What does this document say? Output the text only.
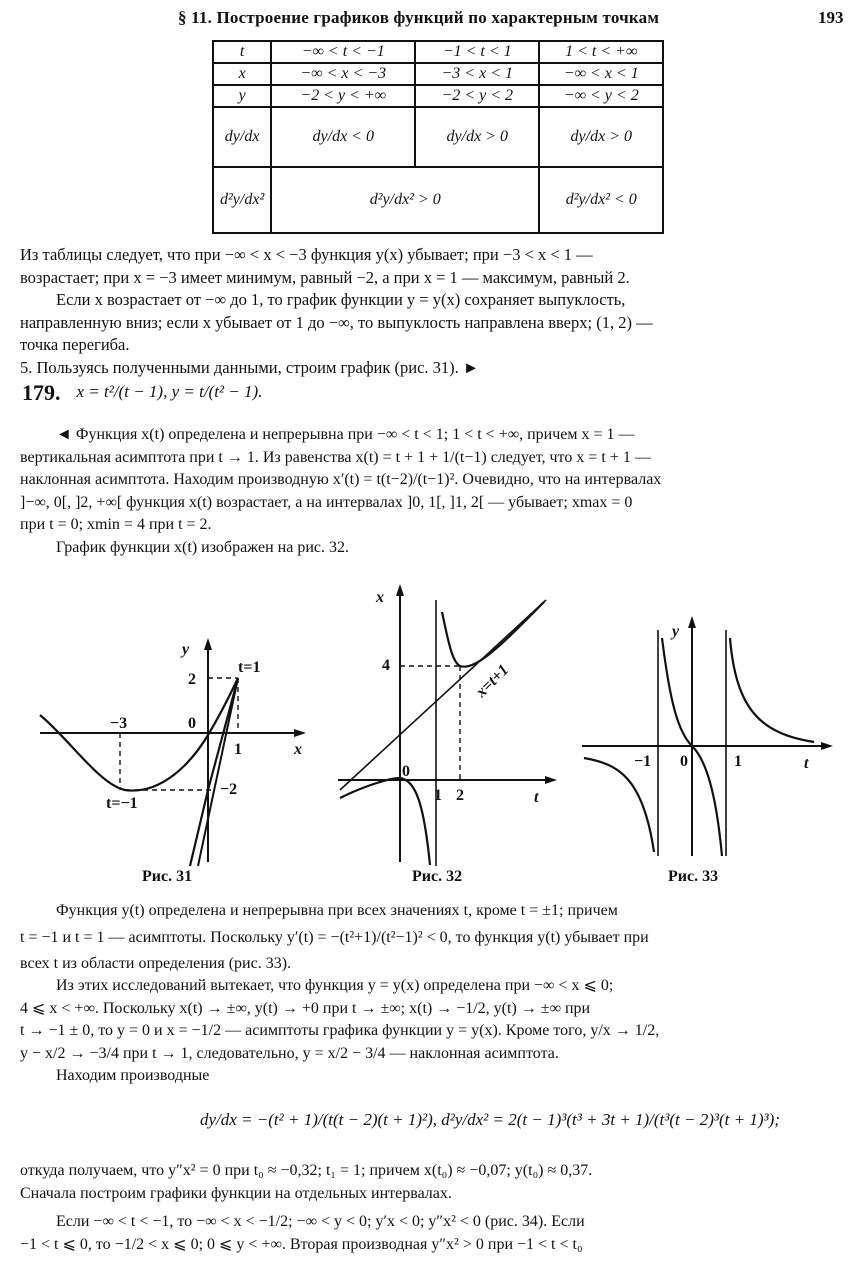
§ 11. Построение графиков функций по характерным точкам	193
t	−∞ < t < −1	−1 < t < 1	1 < t < +∞
x	−∞ < x < −3	−3 < x < 1	−∞ < x < 1
y	−2 < y < +∞	−2 < y < 2	−∞ < y < 2
dy/dx	dy/dx < 0	dy/dx > 0	dy/dx > 0
d²y/dx²	d²y/dx² > 0		d²y/dx² < 0
Из таблицы следует, что при −∞ < x < −3 функция y(x) убывает; при −3 < x < 1 —
возрастает; при x = −3 имеет минимум, равный −2, а при x = 1 — максимум, равный 2.
Если x возрастает от −∞ до 1, то график функции y = y(x) сохраняет выпуклость,
направленную вниз; если x убывает от 1 до −∞, то выпуклость направлена вверх; (1, 2) —
точка перегиба.
5. Пользуясь полученными данными, строим график (рис. 31). ►
179. x = t²/(t − 1), y = t/(t² − 1).
◄ Функция x(t) определена и непрерывна при −∞ < t < 1; 1 < t < +∞, причем x = 1 —
вертикальная асимптота при t → 1. Из равенства x(t) = t + 1 + 1/(t−1) следует, что x = t + 1 —
наклонная асимптота. Находим производную x′(t) = t(t−2)/(t−1)². Очевидно, что на интервалах
]−∞, 0[, ]2, +∞[ функция x(t) возрастает, а на интервалах ]0, 1[, ]1, 2[ — убывает; xmax = 0
при t = 0; xmin = 4 при t = 2.
График функции x(t) изображен на рис. 32.
y
x
t=1
2
−3	0
1
−2
t=−1
Рис. 31
x
t
4
0
1 2
x=t+1
Рис. 32
y
t
−1 0	1
Рис. 33
Функция y(t) определена и непрерывна при всех значениях t, кроме t = ±1; причем
t = −1 и t = 1 — асимптоты. Поскольку y′(t) = −(t²+1)/(t²−1)² < 0, то функция y(t) убывает при
всех t из области определения (рис. 33).
Из этих исследований вытекает, что функция y = y(x) определена при −∞ < x ⩽ 0;
4 ⩽ x < +∞. Поскольку x(t) → ±∞, y(t) → +0 при t → ±∞; x(t) → −1/2, y(t) → ±∞ при
t → −1 ± 0, то y = 0 и x = −1/2 — асимптоты графика функции y = y(x). Кроме того, y/x → 1/2,
y − x/2 → −3/4 при t → 1, следовательно, y = x/2 − 3/4 — наклонная асимптота.
Находим производные
dy/dx = −(t² + 1)/(t(t − 2)(t + 1)²), d²y/dx² = 2(t − 1)³(t³ + 3t + 1)/(t³(t − 2)³(t + 1)³);
откуда получаем, что y″x² = 0 при t₀ ≈ −0,32; t₁ = 1; причем x(t₀) ≈ −0,07; y(t₀) ≈ 0,37.
Сначала построим графики функции на отдельных интервалах.
Если −∞ < t < −1, то −∞ < x < −1/2; −∞ < y < 0; y′x < 0; y″x² < 0 (рис. 34). Если
−1 < t ⩽ 0, то −1/2 < x ⩽ 0; 0 ⩽ y < +∞. Вторая производная y″x² > 0 при −1 < t < t₀
